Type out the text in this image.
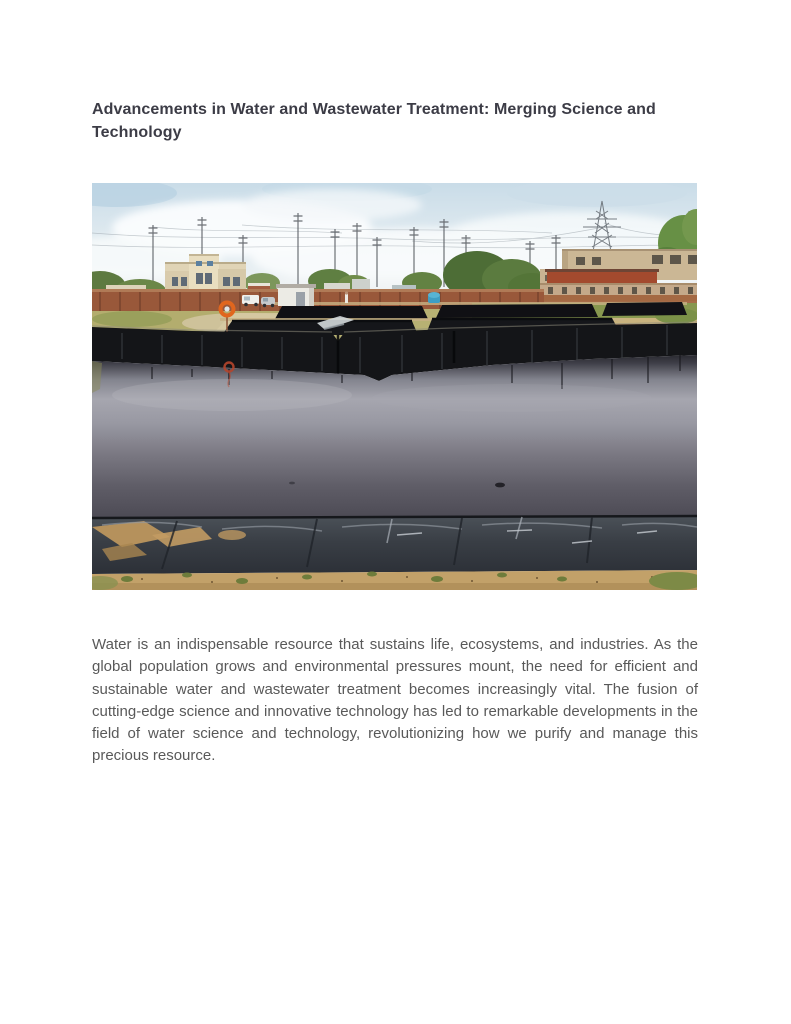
Advancements in Water and Wastewater Treatment: Merging Science and Technology

Water is an indispensable resource that sustains life, ecosystems, and industries. As the global population grows and environmental pressures mount, the need for efficient and sustainable water and wastewater treatment becomes increasingly vital. The fusion of cutting-edge science and innovative technology has led to remarkable developments in the field of water science and technology, revolutionizing how we purify and manage this precious resource.
